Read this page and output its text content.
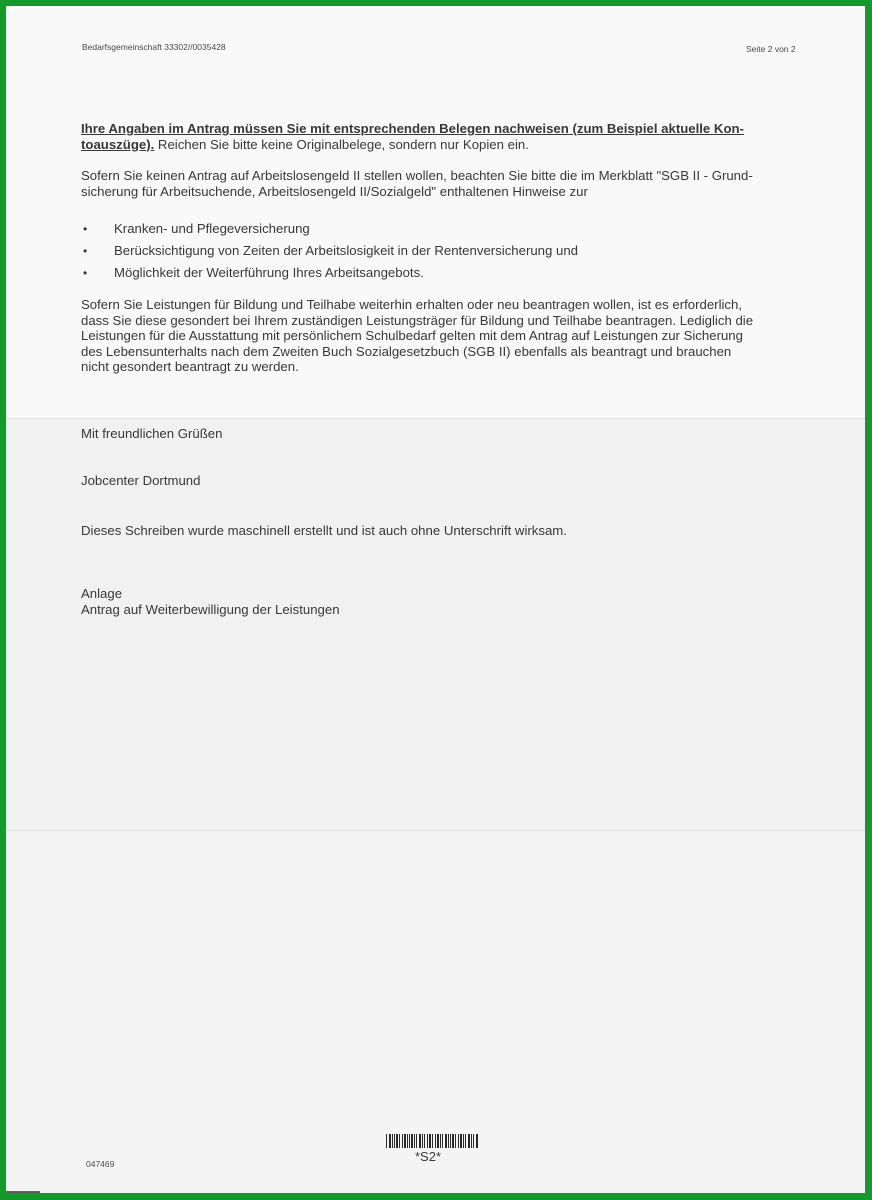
Bedarfsgemeinschaft 33302//0035428	Seite 2 von 2
Ihre Angaben im Antrag müssen Sie mit entsprechenden Belegen nachweisen (zum Beispiel aktuelle Kon-
toauszüge). Reichen Sie bitte keine Originalbelege, sondern nur Kopien ein.
Sofern Sie keinen Antrag auf Arbeitslosengeld II stellen wollen, beachten Sie bitte die im Merkblatt "SGB II - Grund-
sicherung für Arbeitsuchende, Arbeitslosengeld II/Sozialgeld" enthaltenen Hinweise zur
• Kranken- und Pflegeversicherung
• Berücksichtigung von Zeiten der Arbeitslosigkeit in der Rentenversicherung und
• Möglichkeit der Weiterführung Ihres Arbeitsangebots.
Sofern Sie Leistungen für Bildung und Teilhabe weiterhin erhalten oder neu beantragen wollen, ist es erforderlich,
dass Sie diese gesondert bei Ihrem zuständigen Leistungsträger für Bildung und Teilhabe beantragen. Lediglich die
Leistungen für die Ausstattung mit persönlichem Schulbedarf gelten mit dem Antrag auf Leistungen zur Sicherung
des Lebensunterhalts nach dem Zweiten Buch Sozialgesetzbuch (SGB II) ebenfalls als beantragt und brauchen
nicht gesondert beantragt zu werden.
Mit freundlichen Grüßen
Jobcenter Dortmund
Dieses Schreiben wurde maschinell erstellt und ist auch ohne Unterschrift wirksam.
Anlage
Antrag auf Weiterbewilligung der Leistungen
047469	*S2*
